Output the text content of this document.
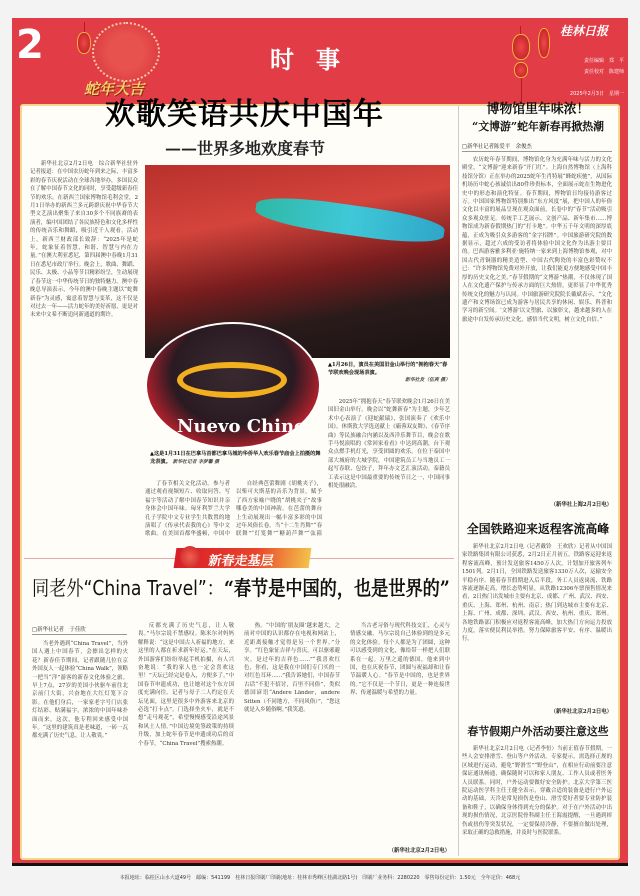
2
蛇年大吉
时事
桂林日报
责任编辑　郑　平
责任校对　陈建师
2025年2月3日　星期一
欢歌笑语共庆中国年
——世界多地欢度春节
新华社北京2月2日电　综合新华社驻外记者报道：在中国农历蛇年到来之际，丰富多彩的春节庆祝活动在全球各地举办，多国民众在了解中国春节文化的同时，享受超级新春佳节的欢乐。在新西兰国家博物馆毛利会堂，2月1日举办的新西兰多元跨群庆祝中华春节大型文艺演出聚集了来自30多个不同族裔的表演者，编中国团结了各民族特色和文化多样性的传统音乐和舞蹈，吸引近千人观看。活动上，新西兰财政部长致辞：“2025年是蛇年，蛇象征着智慧，和谐、智慧与内在力量。”在澳大利亚悉尼，第四届澳中春晚1月31日在悉尼市政厅举行。晚会上，歌曲、舞蹈、民乐、太极、小品等节目精彩纷呈，生动展现了春节这一中华传统节日的独特魅力。澳中春晚总导演表示，今年的澳中春晚主题以“蛇舞新春”为灵感，寓意着智慧与变革，这不仅是对过去一年——活力蛇年的美好祈愿，更是对未来中文希不断追问新通道的期许。
Nuevo Chino
▲这是1月31日在巴拿马首都巴拿马城的华侨华人欢乐春节庙会上拍摄的舞龙表演。 新华社记者 李梦馨 摄
▲1月26日，演员在美国旧金山举行的“拥抱春天”春节联欢晚会现场表演。
新华社发（伍爽 摄）
2025年“拥抱春天”春节联欢晚会1月26日在美国旧金山举行。晚会以“蛇舞新春”为主题，少年艺术中心表演了《迎蛇献瑞》，张国演奏了《欢乐中国》，休斯敦大学选送献上《霸蓉双友舞》、《春节序曲》等民族融合内涵以及西洋乐舞节目，晚会在歌手马悦演唱的《常回家看看》中达到高潮，台下观众点燃手机灯光，享受团圆的欢乐。在位于泰国中部大城府的大城学院，中国建筑员工与当地员工一起写春联、包饺子，拜年办文艺汇演活动，泰籍员工表示这是中国最重要的传统节日之一，中国同事相处很融洽。
了春节相关文化活动。参与者通过观看视频短片、收取问答、写福字等活动了解中国春节知识并亲身体会中国年味。匈牙利罗兰大学孔子学院中文专业学生共数置的地演唱了《传承代表我的心》等中文歌曲。在美国首都华盛顿，中国中
自经典芭蕾舞剧《胡桃夹子》，以柴可夫斯基的音乐为背景，赋予了西方家喻户晓的“胡桃夹子”故事哪卷美的中国神韵。在芭蕾的舞台上生动展现出一幅丰富多彩的中国过年风俗长卷。当“十二生肖舞”“春联舞”“灯笼舞”“糖葫芦舞”“弦箍
新春走基层
同老外“China Travel”：“春节是中国的，也是世界的”
□新华社记者　于佳欣
当老外遇到“China Travel”，当外国人遇上中国春节，会擦出怎样的火花？新春佳节期间，记者跟随几位在京外国友人一起体验“China Walk”，领略一把当“洋”游客的新春文化体验之旅。早上7点，27岁的美国小伙驱车前往北京前门大街，兴奋地在大红灯笼下合影。在他们身后，一家家老字号门店张灯结彩、贴满福字，浓浓的中国年味扑面而来。这次，他专程回来感受中国年。“这里的建筑真是老味道，一砖一瓦都充满了历史气息，让人敬畏。”
反都充满了历史气息，让人敬畏。”马尔宗说不禁感叹。陈米尔对妈妈解释说：“这是中国古人祈福的地方，来这里的人都在祈求新年好运。”在天坛，外国游客们纷纷举起手机拍摄，有人兴奋地说：“我的家人也一定会喜欢这里！”天坛已经完是卷入，方便多了。”中国春节申遗成功，也让她对这个东方国度充满向往。记者与母子二人约定在天坛见面，这里是很多中外游客来北京的必选“打卡点”。门选择坐火车，就是不想“走马观花”，希望慢慢感受沿途风景和风土人情。”中国边境免签政策的持续升级，加上蛇年春节是申遗成功后的首个春节，“China Travel”搜索热潮。
热。“中国的‘朋友圈’越来越大，之前对中国的认识都存在电视和网站上，近距离接触才觉得是另一个世界。”分享。“红色象征吉祥与喜庆，可以驱邪避灾，是过年的吉祥色……”“我喜欢红色，你看，这是我在中国们专门买的一对红色耳环……”我告诉她们，中国春节古话“不犯不招讨，百里不同俗”，类似德国谚语“Andere Länder，andere Sitten（不同地方，不同风俗）”，“您这就是入乡随俗啊。”我笑道。
当古老习俗与现代科技交汇，心灵与情感交融，马尔宗说自己体验到的是多元的文化体验。每个人都是为了团圆，这种可以感受到的文化，像给带一样把人们联系在一起。万里之遥的德国，他来到中国，也在庆祝春节，团圆与祝福却和让春节温暖人心。“春节是中国的，也是世界的。”它不仅是一个节日，更是一种连接世界、传递温暖与希望的力量。
（新华社北京2月2日电）
博物馆里年味浓！
“文博游”蛇年新春再掀热潮
□新华社记者陈爱平　余俊杰
农历蛇年春节期间，博物馆化身为充满年味与活力的文化殿堂，“文博游”迎来新春“开门红”。上海自然博物馆（上海科技馆分馆）正在举办的2025蛇年生肖特展“蜂蛇疾驰”，从国际机场历中蛇心孩诚信出80件珍贵标本，全面展示蛇在生物进化史中的形态和演化特征。春节期间，博物馆日均接待游客过万。中国国家博物馆特别推出“东方风度”展，把中国人的年俗文化以丰富的展品呈现在观众面前，长卷中的“春节”活动吸引众多观众驻足。传统手工艺展示、文创产品、新年集市……博物馆成为新春假期热门的“打卡地”。中华五千年文明的深厚底蕴，正成为吸引众多游客的“金字招牌”。中国旅游研究院的数据显示，超过六成的受访者将体验中国文化作为出游主要目的。巴西游客雅多利亚·施特纳一家来到上海博物馆参观，对中国古代青铜器的精美造型、中国古代陶瓷的丰富色彩赞叹不已：“许多博物馆免费对外开放，让我们能更方便地感受中国丰厚的历史文化之美。”春节假期的“文博游”热潮，不仅体现了国人在文化遗产保护与传承方面的巨大热情，更彰显了中华优秀传统文化的魅力与认同。中国旅游研究院院长戴斌表示，“文化遗产和文博场馆已成为游客与居民共享的休闲、娱乐、科普和学习的新空间。‘文博游’以文塑旅、以旅彰文，越来越多的人在旅途中自发传承历史文化，感悟当代文明，树立文化自信。”
（新华社上海2月2日电）
全国铁路迎来返程客流高峰
新华社北京2月2日电（记者戴铃　王欢欣）记者从中国国家铁路集团有限公司获悉，2月2日正月初五，铁路客运迎来返程客流高峰，预计发送旅客1450万人次，计划加开旅客列车1501列。2月1日，全国铁路发送旅客1330万人次，运输安全平稳有序。随着春节假期进入后半段，务工人员返岗流、铁路客流逐渐走高，增长态势明显，从铁路12306车票预售情况来看，2日热门出发城市主要有北京、成都、广州、武汉、西安、重庆、上海、郑州、杭州、南京；热门到达城市主要有北京、上海、广州、成都、深圳、武汉、西安、杭州、重庆、郑州。各地铁路部门积极应对返程客流高峰，加大热门方向运力投放力度，落实便民利民举措，努力保障旅客平安、有序、温暖出行。
（新华社北京2月2日电）
春节假期户外活动要注意这些
新华社北京2月2日电（记者李恒）当前正值春节假期，一些人会安排滑雪、登山等户外活动。专家提示，需选择正规的区域进行运动，避免“野滑雪”“野登山”，在相应行动前要注意保证通讯畅通，确保随时可以和家人朋友、工作人员或者医务人员联系。同时，户外运动要做好安全防护。北京大学第三医院运动医学科主任王健全表示，穿戴合适的装备是进行户外运动的基础，天冷是常见损伤是登山、滑雪爱好者要专业防护装备和鞋子，以确保身体得到充分的保护。对于在户外活动中出现的损伤情况，北京医院骨科副主任王海霞提醒，一旦遇到摔伤或扭伤等突发状况，一定要保持冷静，不要擅自做出处理，采取正确的急救措施，并及时与医院联系。
本报地址：临桂区山水大道49号　邮编：541199　桂林日报印刷厂印刷(地址：桂林市秀峰区桂湖北路1号)　印刷厂业务科：2280220　零售每份定价：1.50元　全年定价：468元
